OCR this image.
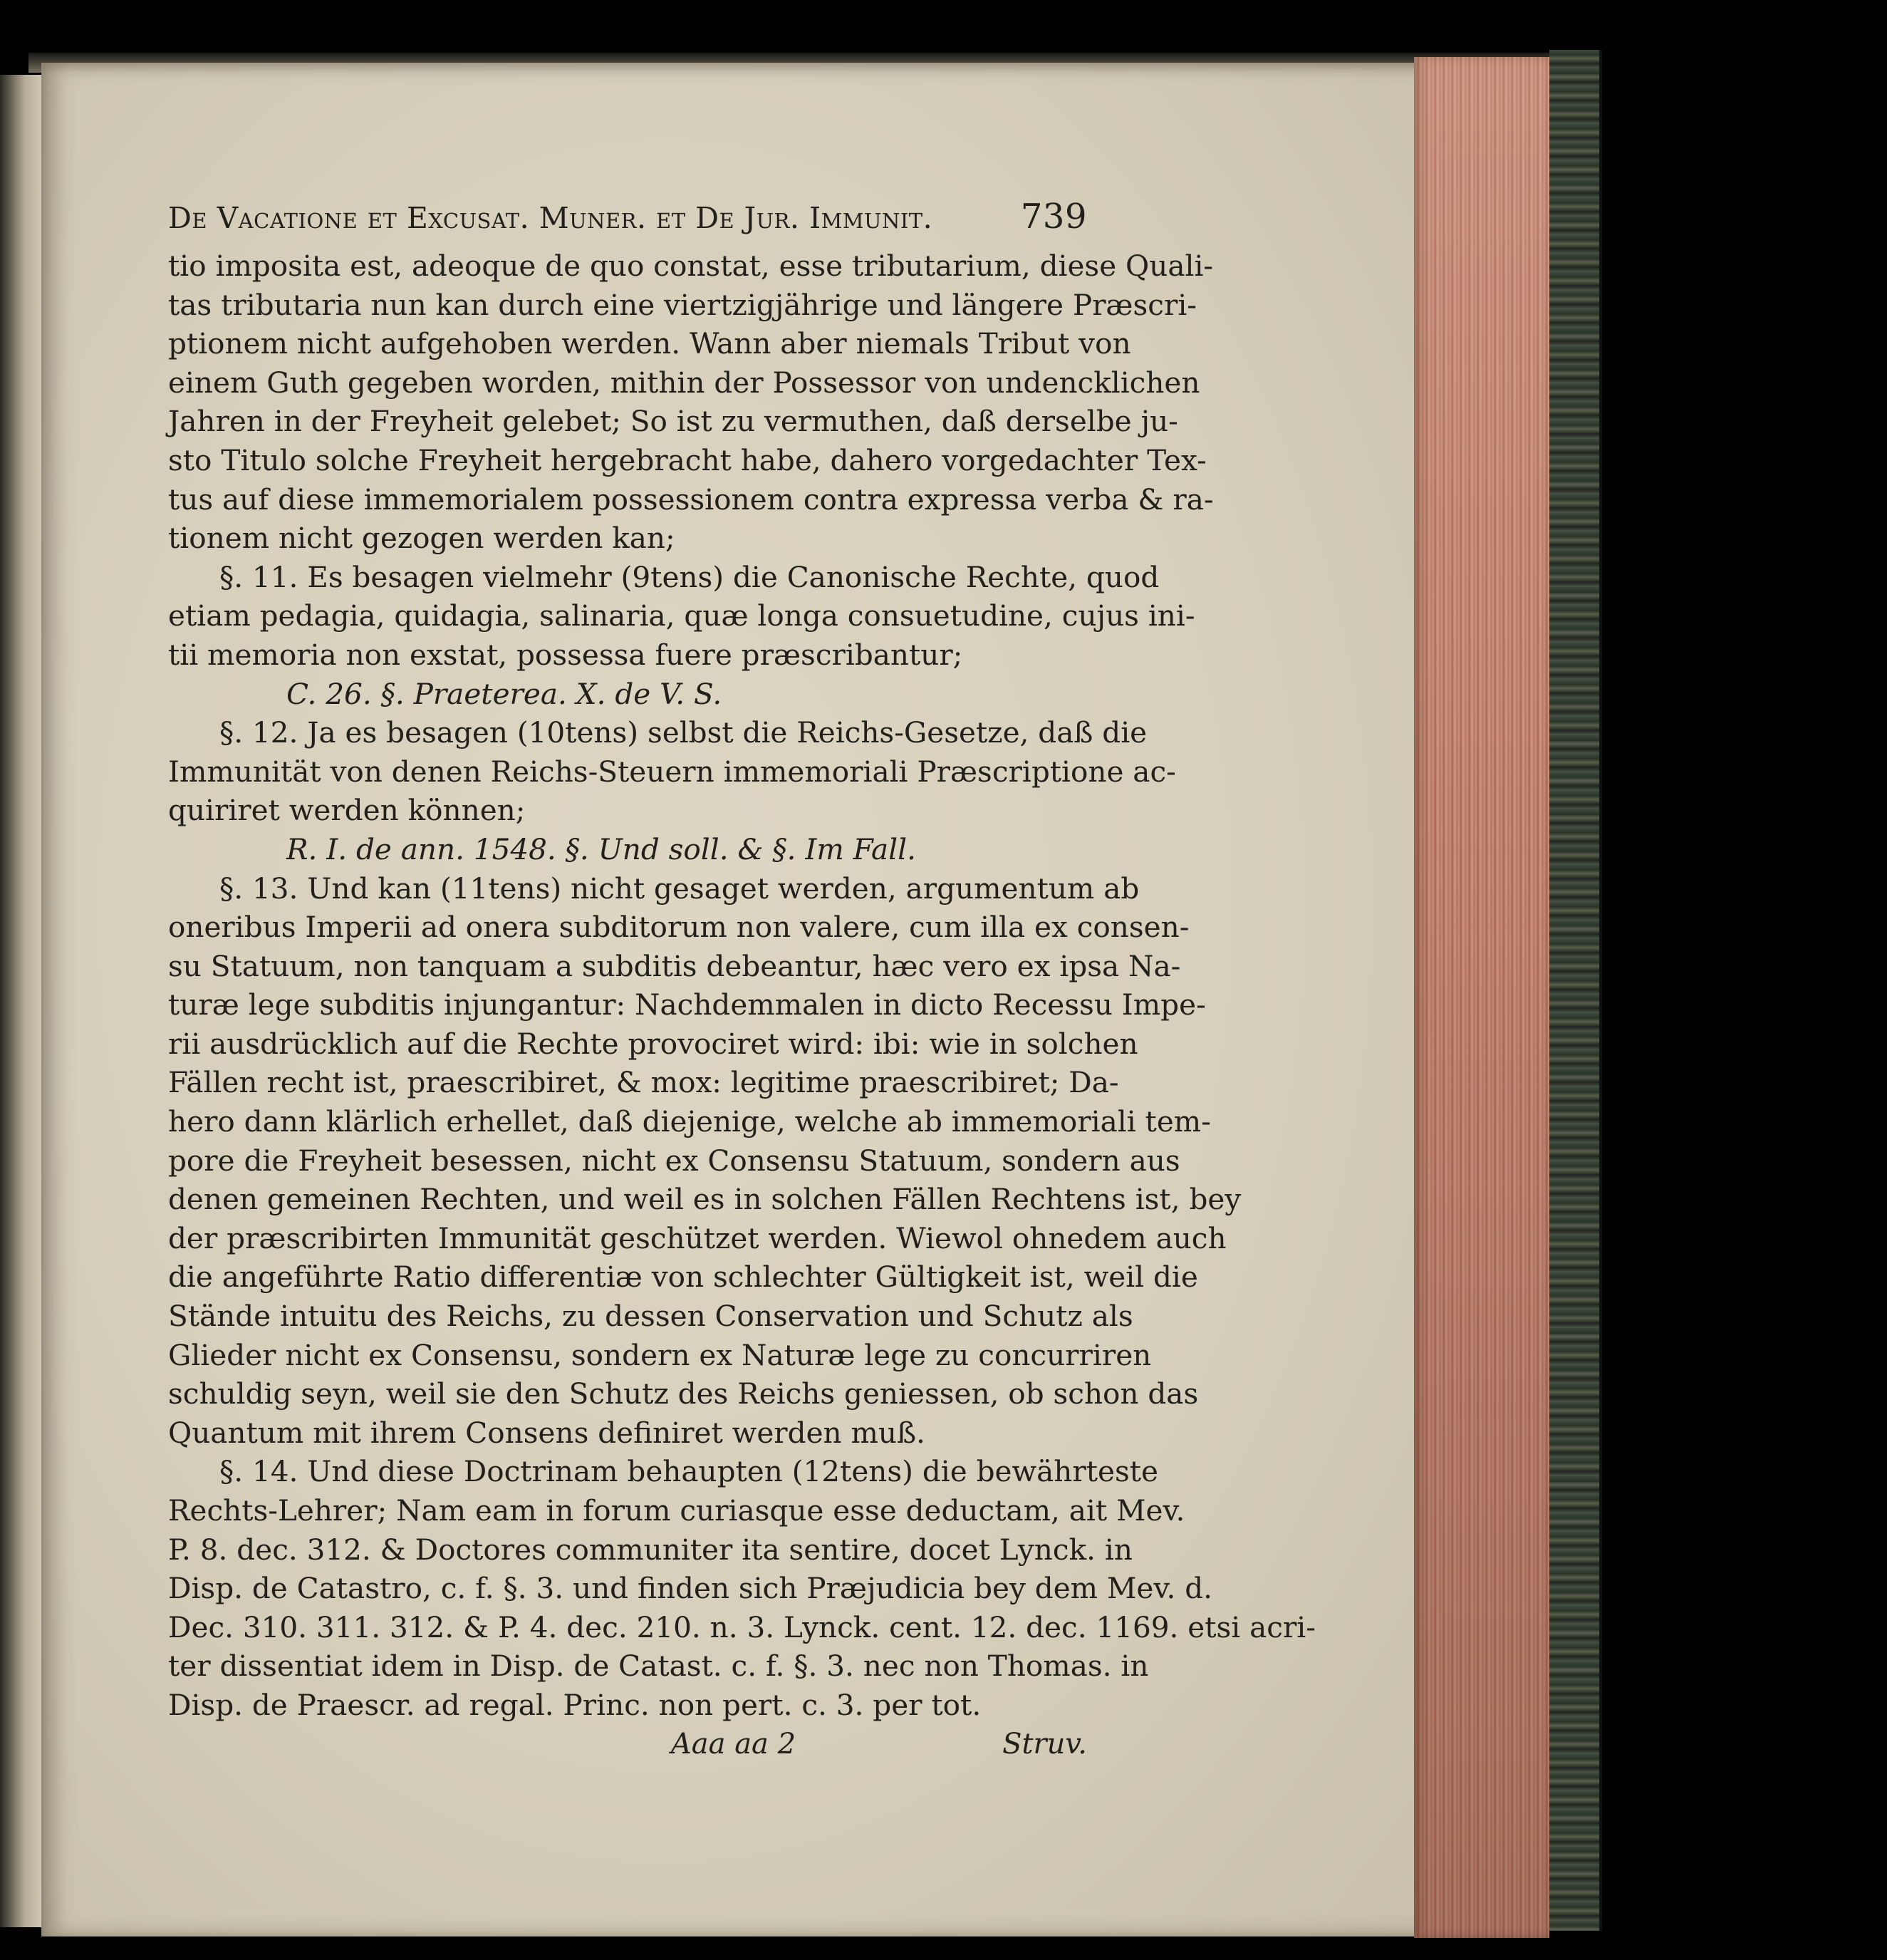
De Vacatione et Excusat. Muner. et De Jur. Immunit.	739
tio imposita est, adeoque de quo constat, esse tributarium, diese Quali-
tas tributaria nun kan durch eine viertzigjährige und längere Præscri-
ptionem nicht aufgehoben werden. Wann aber niemals Tribut von
einem Guth gegeben worden, mithin der Possessor von undencklichen
Jahren in der Freyheit gelebet; So ist zu vermuthen, daß derselbe ju-
sto Titulo solche Freyheit hergebracht habe, dahero vorgedachter Tex-
tus auf diese immemorialem possessionem contra expressa verba & ra-
tionem nicht gezogen werden kan;
§. 11. Es besagen vielmehr (9tens) die Canonische Rechte, quod
etiam pedagia, quidagia, salinaria, quæ longa consuetudine, cujus ini-
tii memoria non exstat, possessa fuere præscribantur;
C. 26. §. Praeterea. X. de V. S.
§. 12. Ja es besagen (10tens) selbst die Reichs-Gesetze, daß die
Immunität von denen Reichs-Steuern immemoriali Præscriptione ac-
quiriret werden können;
R. I. de ann. 1548. §. Und soll. & §. Im Fall.
§. 13. Und kan (11tens) nicht gesaget werden, argumentum ab
oneribus Imperii ad onera subditorum non valere, cum illa ex consen-
su Statuum, non tanquam a subditis debeantur, hæc vero ex ipsa Na-
turæ lege subditis injungantur: Nachdemmalen in dicto Recessu Impe-
rii ausdrücklich auf die Rechte provociret wird: ibi: wie in solchen
Fällen recht ist, praescribiret, & mox: legitime praescribiret; Da-
hero dann klärlich erhellet, daß diejenige, welche ab immemoriali tem-
pore die Freyheit besessen, nicht ex Consensu Statuum, sondern aus
denen gemeinen Rechten, und weil es in solchen Fällen Rechtens ist, bey
der præscribirten Immunität geschützet werden. Wiewol ohnedem auch
die angeführte Ratio differentiæ von schlechter Gültigkeit ist, weil die
Stände intuitu des Reichs, zu dessen Conservation und Schutz als
Glieder nicht ex Consensu, sondern ex Naturæ lege zu concurriren
schuldig seyn, weil sie den Schutz des Reichs geniessen, ob schon das
Quantum mit ihrem Consens definiret werden muß.
§. 14. Und diese Doctrinam behaupten (12tens) die bewährteste
Rechts-Lehrer; Nam eam in forum curiasque esse deductam, ait Mev.
P. 8. dec. 312. & Doctores communiter ita sentire, docet Lynck. in
Disp. de Catastro, c. f. §. 3. und finden sich Præjudicia bey dem Mev. d.
Dec. 310. 311. 312. & P. 4. dec. 210. n. 3. Lynck. cent. 12. dec. 1169. etsi acri-
ter dissentiat idem in Disp. de Catast. c. f. §. 3. nec non Thomas. in
Disp. de Praescr. ad regal. Princ. non pert. c. 3. per tot.
Aaa aa 2	Struv.
